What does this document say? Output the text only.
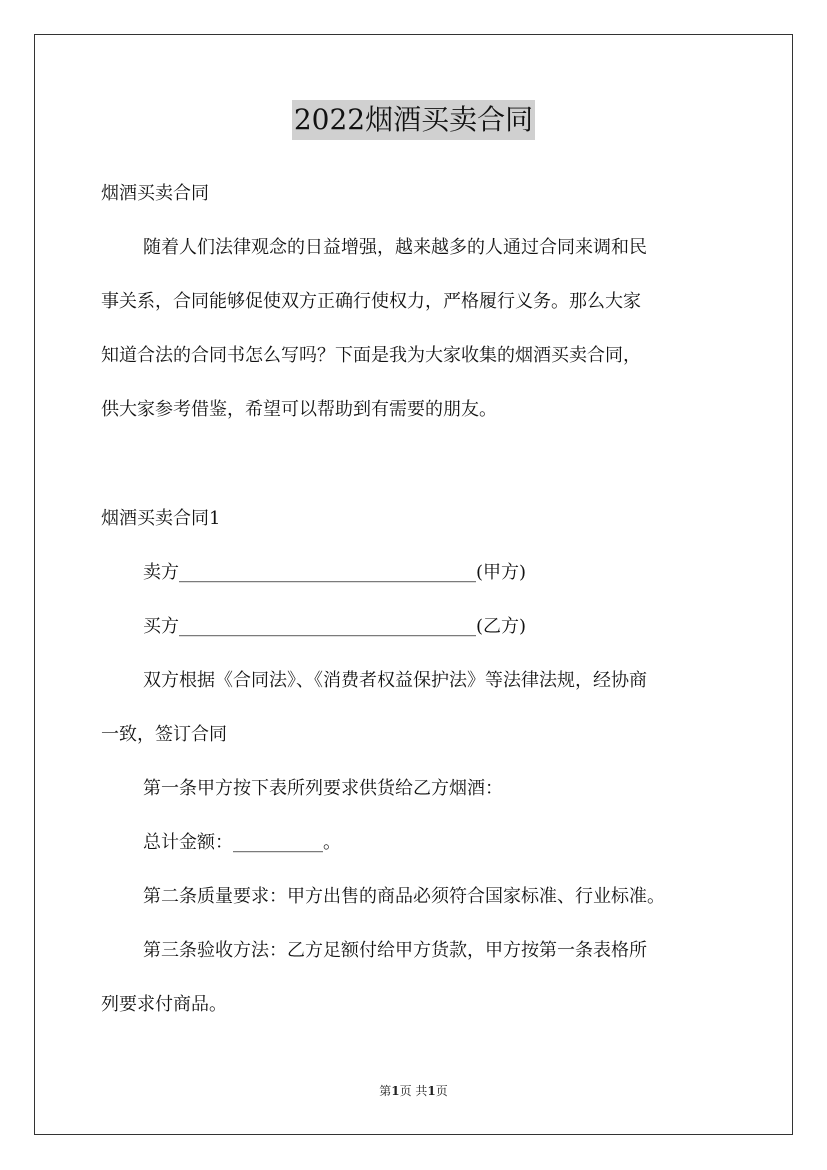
2022烟酒买卖合同
烟酒买卖合同
随着人们法律观念的日益增强，越来越多的人通过合同来调和民
事关系，合同能够促使双方正确行使权力，严格履行义务。那么大家
知道合法的合同书怎么写吗？下面是我为大家收集的烟酒买卖合同，
供大家参考借鉴，希望可以帮助到有需要的朋友。
烟酒买卖合同1
卖方_________________________________(甲方)
买方_________________________________(乙方)
双方根据《合同法》、《消费者权益保护法》等法律法规，经协商
一致，签订合同
第一条甲方按下表所列要求供货给乙方烟酒：
总计金额：__________。
第二条质量要求：甲方出售的商品必须符合国家标准、行业标准。
第三条验收方法：乙方足额付给甲方货款，甲方按第一条表格所
列要求付商品。
第1页 共1页
